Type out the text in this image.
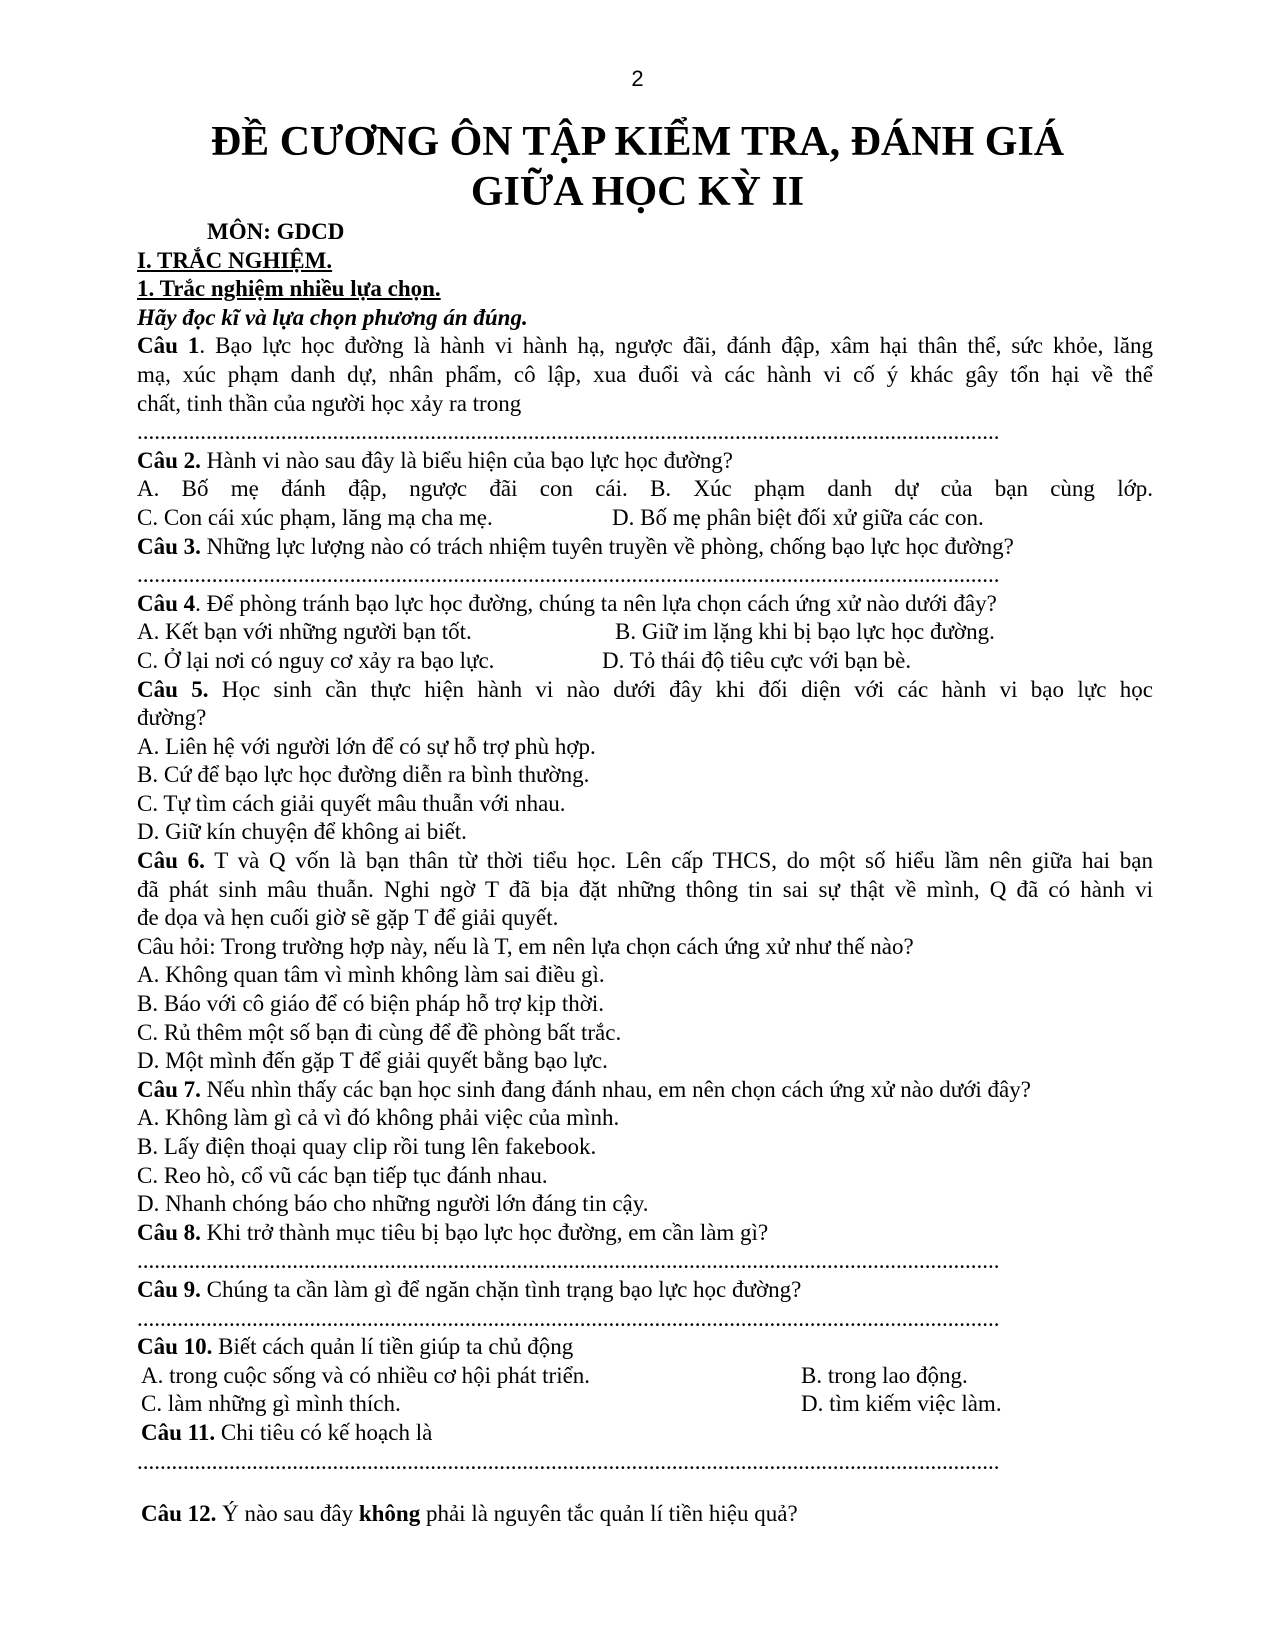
2
ĐỀ CƯƠNG ÔN TẬP KIỂM TRA, ĐÁNH GIÁ
GIỮA HỌC KỲ II
MÔN: GDCD
I. TRẮC NGHIỆM.
1. Trắc nghiệm nhiều lựa chọn.
Hãy đọc kĩ và lựa chọn phương án đúng.
Câu 1. Bạo lực học đường là hành vi hành hạ, ngược đãi, đánh đập, xâm hại thân thể, sức khỏe, lăng
mạ, xúc phạm danh dự, nhân phẩm, cô lập, xua đuổi và các hành vi cố ý khác gây tổn hại về thể
chất, tinh thần của người học xảy ra trong
......................................................................................................................................................
Câu 2. Hành vi nào sau đây là biểu hiện của bạo lực học đường?
A. Bố mẹ đánh đập, ngược đãi con cái. B. Xúc phạm danh dự của bạn cùng lớp.
C. Con cái xúc phạm, lăng mạ cha mẹ.	D. Bố mẹ phân biệt đối xử giữa các con.
Câu 3. Những lực lượng nào có trách nhiệm tuyên truyền về phòng, chống bạo lực học đường?
......................................................................................................................................................
Câu 4. Để phòng tránh bạo lực học đường, chúng ta nên lựa chọn cách ứng xử nào dưới đây?
A. Kết bạn với những người bạn tốt.	B. Giữ im lặng khi bị bạo lực học đường.
C. Ở lại nơi có nguy cơ xảy ra bạo lực.	D. Tỏ thái độ tiêu cực với bạn bè.
Câu 5. Học sinh cần thực hiện hành vi nào dưới đây khi đối diện với các hành vi bạo lực học
đường?
A. Liên hệ với người lớn để có sự hỗ trợ phù hợp.
B. Cứ để bạo lực học đường diễn ra bình thường.
C. Tự tìm cách giải quyết mâu thuẫn với nhau.
D. Giữ kín chuyện để không ai biết.
Câu 6. T và Q vốn là bạn thân từ thời tiểu học. Lên cấp THCS, do một số hiểu lầm nên giữa hai bạn
đã phát sinh mâu thuẫn. Nghi ngờ T đã bịa đặt những thông tin sai sự thật về mình, Q đã có hành vi
đe dọa và hẹn cuối giờ sẽ gặp T để giải quyết.
Câu hỏi: Trong trường hợp này, nếu là T, em nên lựa chọn cách ứng xử như thế nào?
A. Không quan tâm vì mình không làm sai điều gì.
B. Báo với cô giáo để có biện pháp hỗ trợ kịp thời.
C. Rủ thêm một số bạn đi cùng để đề phòng bất trắc.
D. Một mình đến gặp T để giải quyết bằng bạo lực.
Câu 7. Nếu nhìn thấy các bạn học sinh đang đánh nhau, em nên chọn cách ứng xử nào dưới đây?
A. Không làm gì cả vì đó không phải việc của mình.
B. Lấy điện thoại quay clip rồi tung lên fakebook.
C. Reo hò, cổ vũ các bạn tiếp tục đánh nhau.
D. Nhanh chóng báo cho những người lớn đáng tin cậy.
Câu 8. Khi trở thành mục tiêu bị bạo lực học đường, em cần làm gì?
......................................................................................................................................................
Câu 9. Chúng ta cần làm gì để ngăn chặn tình trạng bạo lực học đường?
......................................................................................................................................................
Câu 10. Biết cách quản lí tiền giúp ta chủ động
A. trong cuộc sống và có nhiều cơ hội phát triển.	B. trong lao động.
C. làm những gì mình thích.	D. tìm kiếm việc làm.
Câu 11. Chi tiêu có kế hoạch là
......................................................................................................................................................
Câu 12. Ý nào sau đây không phải là nguyên tắc quản lí tiền hiệu quả?
